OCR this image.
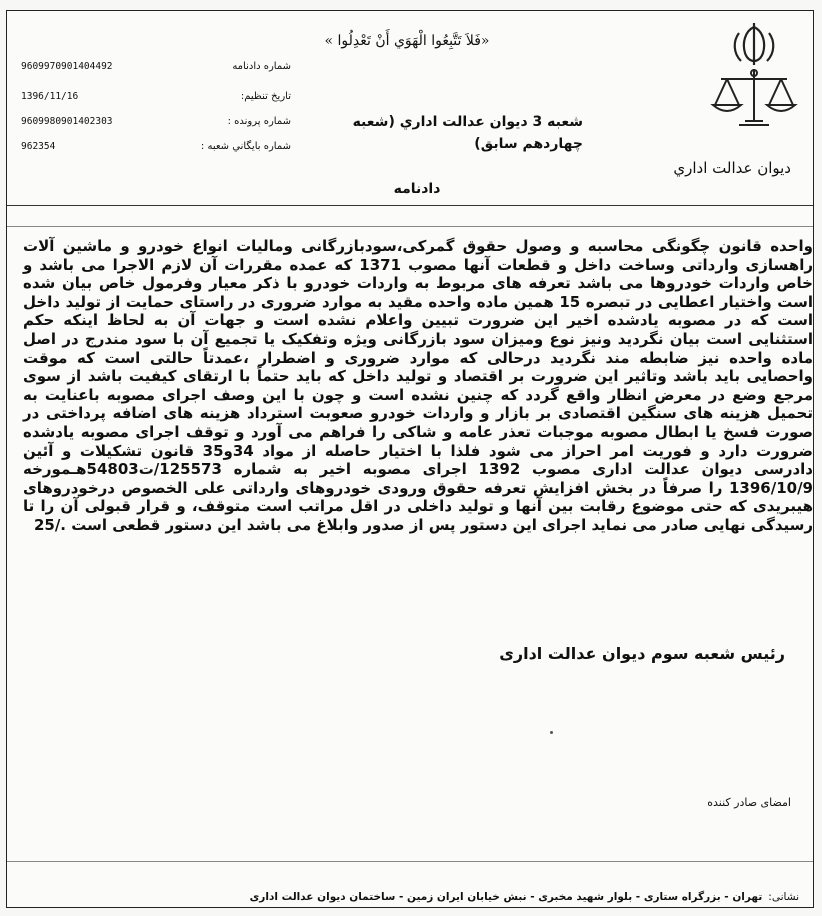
«فَلاَ تَتَّبِعُوا الْهَوَي أَنْ تَعْدِلُوا »
شعبه 3 ديوان عدالت اداري (شعبه چهاردهم سابق)
ديوان عدالت اداري
دادنامه
9609970901404492	شماره دادنامه
1396/11/16	تاريخ تنظيم:
9609980901402303	شماره پرونده :
962354	شماره بايگاني شعبه :
واحده قانون چگونگی محاسبه و وصول حقوق گمرکی،سودبازرگانی وماليات انواع خودرو و ماشين آلات راهسازی وارداتی وساخت داخل و قطعات آنها مصوب 1371 که عمده مقررات آن لازم الاجرا می باشد و خاص واردات خودروها می باشد تعرفه های مربوط به واردات خودرو با ذکر معيار وفرمول خاص بيان شده است واختيار اعطايی در تبصره 15 همين ماده واحده مقيد به موارد ضروری در راستای حمايت از توليد داخل است كه در مصوبه يادشده اخير اين ضرورت تبيين واعلام نشده است و جهات آن به لحاظ اينكه حكم استثنايی است بيان نگرديد ونيز نوع وميزان سود بازرگانی ويژه وتفکيک يا تجميع آن با سود مندرج در اصل ماده واحده نيز ضابطه مند نگرديد درحالی که موارد ضروری و اضطرار ،عمدتاً حالتی است که موقت واحصايی بايد باشد وتاثير اين ضرورت بر اقتصاد و توليد داخل كه بايد حتماً با ارتقای كيفيت باشد از سوی مرجع وضع در معرض انظار واقع گردد كه چنين نشده است و چون با اين وصف اجرای مصوبه باعنايت به تحميل هزينه های سنگين اقتصادی بر بازار و واردات خودرو صعوبت استرداد هزينه های اضافه پرداختی در صورت فسخ يا ابطال مصوبه موجبات تعذر عامه و شاکی را فراهم می آورد و توقف اجرای مصوبه يادشده ضرورت دارد و فوريت امر احراز می شود فلذا با اختيار حاصله از مواد 34و35 قانون تشكيلات و آئين دادرسی ديوان عدالت اداری مصوب 1392 اجرای مصوبه اخير به شماره 125573/ت54803هـمورخه 1396/10/9 را صرفاً در بخش افزايش تعرفه حقوق ورودی خودروهای وارداتی علی الخصوص درخودروهای هيبريدی كه حتی موضوع رقابت بين آنها و توليد داخلی در اقل مراتب است متوقف، و قرار قبولی آن را تا رسيدگی نهايی صادر می نمايد اجرای اين دستور پس از صدور وابلاغ می باشد اين دستور قطعی است ./25
رئيس شعبه سوم ديوان عدالت اداری
امضای صادر كننده
نشانی:تهران - بزرگراه ستاری - بلوار شهيد مخبری - نبش خيابان ايران زمين - ساختمان ديوان عدالت اداری
